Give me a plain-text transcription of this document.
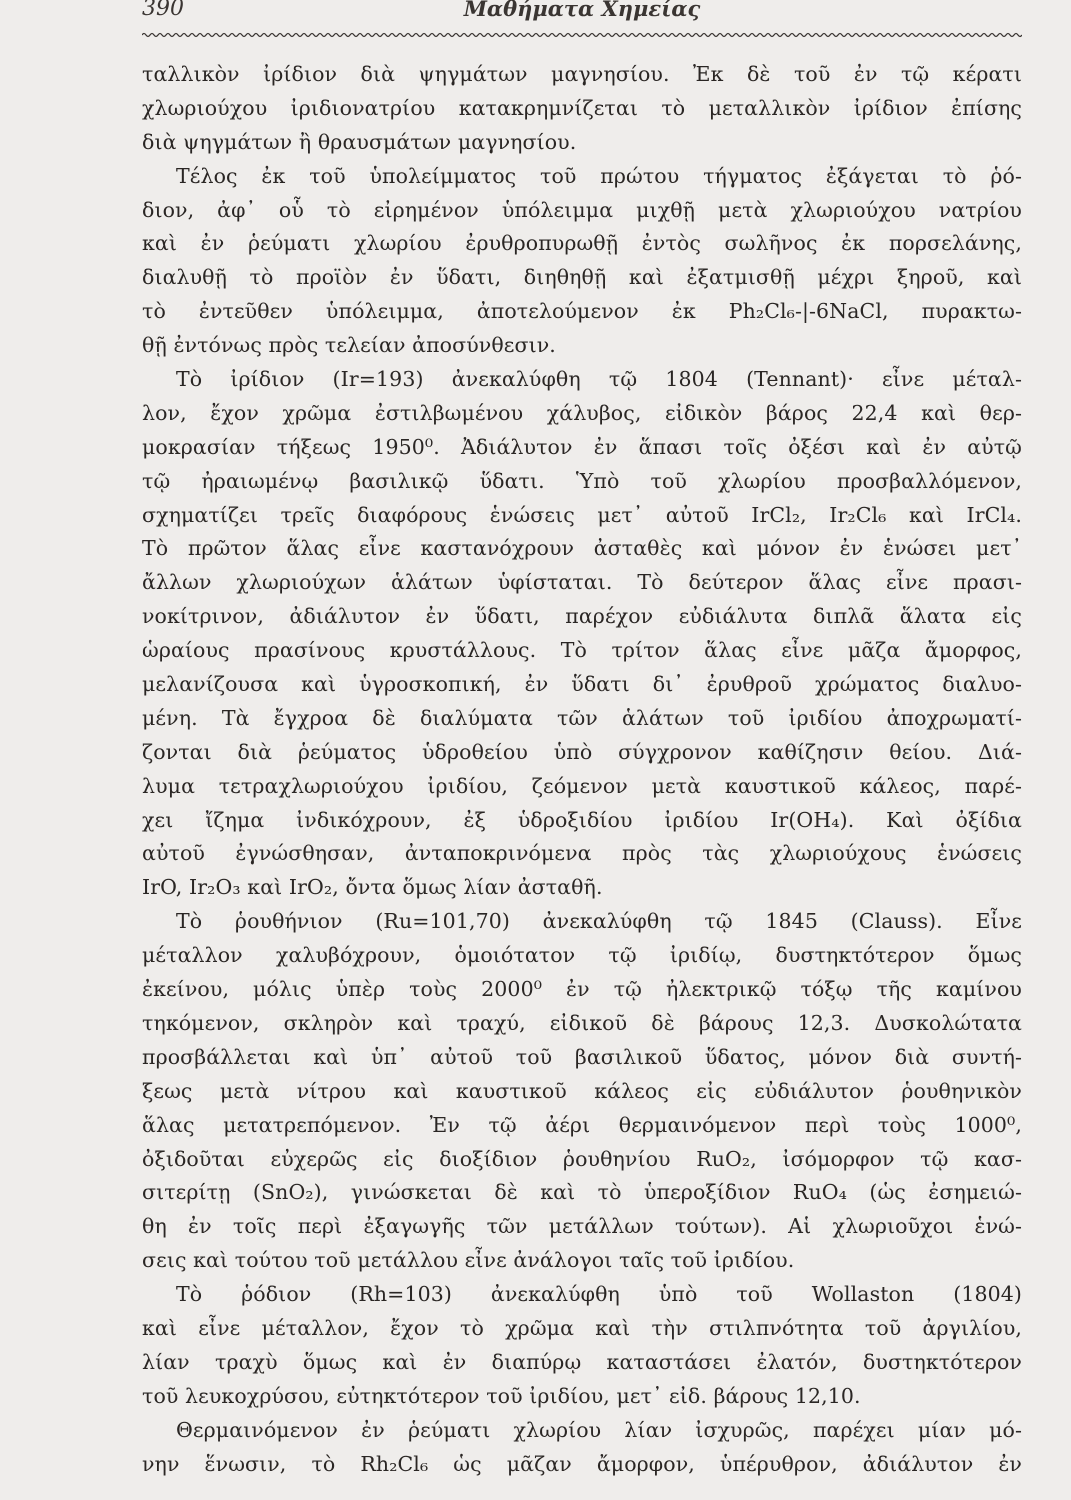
390	Μαθήματα Χημείας
ταλλικὸν ἰρίδιον διὰ ψηγμάτων μαγνησίου. Ἐκ δὲ τοῦ ἐν τῷ κέρατι
χλωριούχου ἰριδιονατρίου κατακρημνίζεται τὸ μεταλλικὸν ἰρίδιον ἐπίσης
διὰ ψηγμάτων ἢ θραυσμάτων μαγνησίου.
Τέλος ἐκ τοῦ ὑπολείμματος τοῦ πρώτου τήγματος ἐξάγεται τὸ ῥό-
διον, ἀφ᾽ οὗ τὸ εἰρημένον ὑπόλειμμα μιχθῇ μετὰ χλωριούχου νατρίου
καὶ ἐν ῥεύματι χλωρίου ἐρυθροπυρωθῇ ἐντὸς σωλῆνος ἐκ πορσελάνης,
διαλυθῇ τὸ προϊὸν ἐν ὕδατι, διηθηθῇ καὶ ἐξατμισθῇ μέχρι ξηροῦ, καὶ
τὸ ἐντεῦθεν ὑπόλειμμα, ἀποτελούμενον ἐκ Ph₂Cl₆-|-6NaCl, πυρακτω-
θῇ ἐντόνως πρὸς τελείαν ἀποσύνθεσιν.
Τὸ ἰρίδιον (Ir=193) ἀνεκαλύφθη τῷ 1804 (Tennant)· εἶνε μέταλ-
λον, ἔχον χρῶμα ἐστιλβωμένου χάλυβος, εἰδικὸν βάρος 22,4 καὶ θερ-
μοκρασίαν τήξεως 1950⁰. Ἀδιάλυτον ἐν ἅπασι τοῖς ὀξέσι καὶ ἐν αὐτῷ
τῷ ἠραιωμένῳ βασιλικῷ ὕδατι. Ὑπὸ τοῦ χλωρίου προσβαλλόμενον,
σχηματίζει τρεῖς διαφόρους ἑνώσεις μετ᾽ αὐτοῦ IrCl₂, Ir₂Cl₆ καὶ IrCl₄.
Τὸ πρῶτον ἅλας εἶνε καστανόχρουν ἀσταθὲς καὶ μόνον ἐν ἑνώσει μετ᾽
ἄλλων χλωριούχων ἁλάτων ὑφίσταται. Τὸ δεύτερον ἅλας εἶνε πρασι-
νοκίτρινον, ἀδιάλυτον ἐν ὕδατι, παρέχον εὐδιάλυτα διπλᾶ ἅλατα εἰς
ὡραίους πρασίνους κρυστάλλους. Τὸ τρίτον ἅλας εἶνε μᾶζα ἄμορφος,
μελανίζουσα καὶ ὑγροσκοπική, ἐν ὕδατι δι᾽ ἐρυθροῦ χρώματος διαλυο-
μένη. Τὰ ἔγχροα δὲ διαλύματα τῶν ἁλάτων τοῦ ἰριδίου ἀποχρωματί-
ζονται διὰ ῥεύματος ὑδροθείου ὑπὸ σύγχρονον καθίζησιν θείου. Διά-
λυμα τετραχλωριούχου ἰριδίου, ζεόμενον μετὰ καυστικοῦ κάλεος, παρέ-
χει ἴζημα ἰνδικόχρουν, ἐξ ὑδροξιδίου ἰριδίου Ir(OH₄). Καὶ ὀξίδια
αὐτοῦ ἐγνώσθησαν, ἀνταποκρινόμενα πρὸς τὰς χλωριούχους ἑνώσεις
IrO, Ir₂O₃ καὶ IrO₂, ὄντα ὅμως λίαν ἀσταθῆ.
Τὸ ῥουθήνιον (Ru=101,70) ἀνεκαλύφθη τῷ 1845 (Clauss). Εἶνε
μέταλλον χαλυβόχρουν, ὁμοιότατον τῷ ἰριδίῳ, δυστηκτότερον ὅμως
ἐκείνου, μόλις ὑπὲρ τοὺς 2000⁰ ἐν τῷ ἠλεκτρικῷ τόξῳ τῆς καμίνου
τηκόμενον, σκληρὸν καὶ τραχύ, εἰδικοῦ δὲ βάρους 12,3. Δυσκολώτατα
προσβάλλεται καὶ ὑπ᾽ αὐτοῦ τοῦ βασιλικοῦ ὕδατος, μόνον διὰ συντή-
ξεως μετὰ νίτρου καὶ καυστικοῦ κάλεος εἰς εὐδιάλυτον ῥουθηνικὸν
ἅλας μετατρεπόμενον. Ἐν τῷ ἀέρι θερμαινόμενον περὶ τοὺς 1000⁰,
ὀξιδοῦται εὐχερῶς εἰς διοξίδιον ῥουθηνίου RuO₂, ἰσόμορφον τῷ κασ-
σιτερίτῃ (SnO₂), γινώσκεται δὲ καὶ τὸ ὑπεροξίδιον RuO₄ (ὡς ἐσημειώ-
θη ἐν τοῖς περὶ ἐξαγωγῆς τῶν μετάλλων τούτων). Αἱ χλωριοῦχοι ἑνώ-
σεις καὶ τούτου τοῦ μετάλλου εἶνε ἀνάλογοι ταῖς τοῦ ἰριδίου.
Τὸ ῥόδιον (Rh=103) ἀνεκαλύφθη ὑπὸ τοῦ Wollaston (1804)
καὶ εἶνε μέταλλον, ἔχον τὸ χρῶμα καὶ τὴν στιλπνότητα τοῦ ἀργιλίου,
λίαν τραχὺ ὅμως καὶ ἐν διαπύρῳ καταστάσει ἐλατόν, δυστηκτότερον
τοῦ λευκοχρύσου, εὐτηκτότερον τοῦ ἰριδίου, μετ᾽ εἰδ. βάρους 12,10.
Θερμαινόμενον ἐν ῥεύματι χλωρίου λίαν ἰσχυρῶς, παρέχει μίαν μό-
νην ἕνωσιν, τὸ Rh₂Cl₆ ὡς μᾶζαν ἄμορφον, ὑπέρυθρον, ἀδιάλυτον ἐν
